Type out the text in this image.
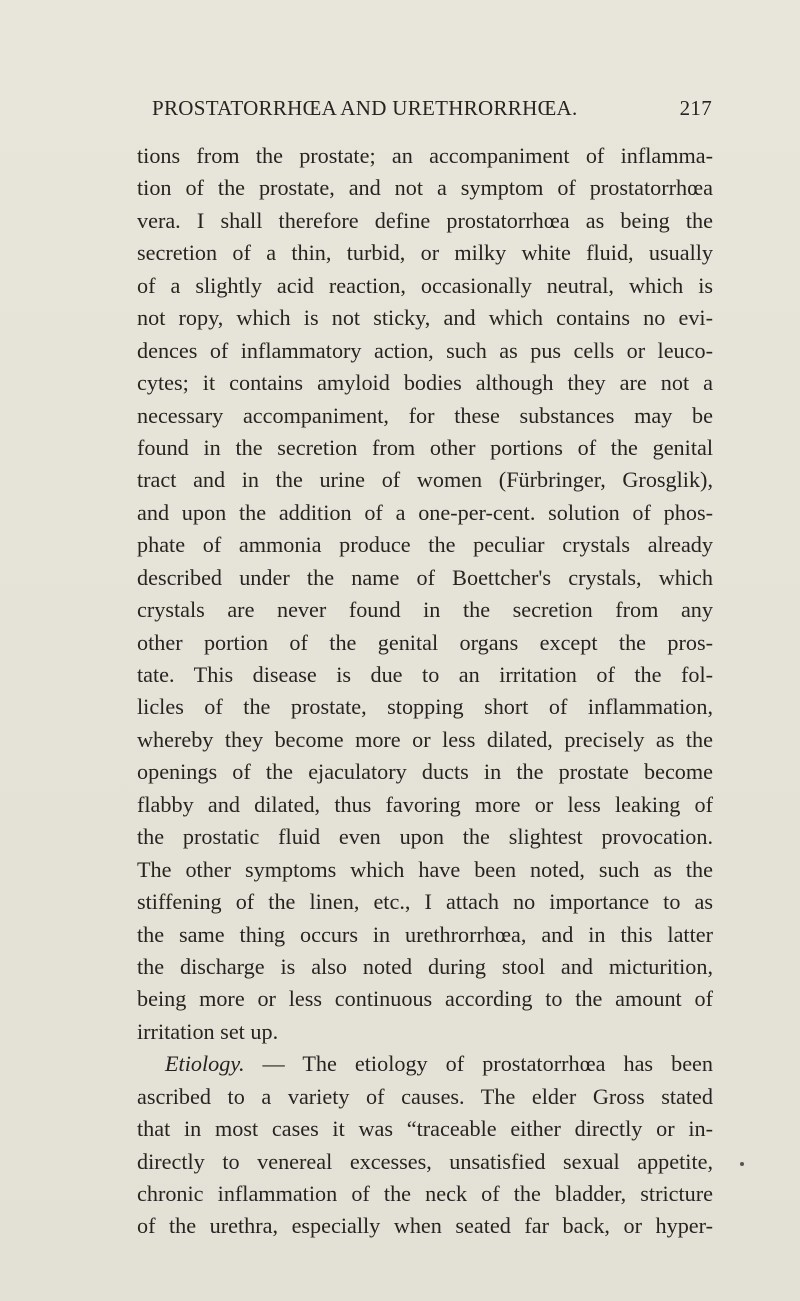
PROSTATORRHŒA AND URETHRORRHŒA.	217
tions from the prostate; an accompaniment of inflamma-
tion of the prostate, and not a symptom of prostatorrhœa
vera. I shall therefore define prostatorrhœa as being the
secretion of a thin, turbid, or milky white fluid, usually
of a slightly acid reaction, occasionally neutral, which is
not ropy, which is not sticky, and which contains no evi-
dences of inflammatory action, such as pus cells or leuco-
cytes; it contains amyloid bodies although they are not a
necessary accompaniment, for these substances may be
found in the secretion from other portions of the genital
tract and in the urine of women (Fürbringer, Grosglik),
and upon the addition of a one-per-cent. solution of phos-
phate of ammonia produce the peculiar crystals already
described under the name of Boettcher's crystals, which
crystals are never found in the secretion from any
other portion of the genital organs except the pros-
tate. This disease is due to an irritation of the fol-
licles of the prostate, stopping short of inflammation,
whereby they become more or less dilated, precisely as the
openings of the ejaculatory ducts in the prostate become
flabby and dilated, thus favoring more or less leaking of
the prostatic fluid even upon the slightest provocation.
The other symptoms which have been noted, such as the
stiffening of the linen, etc., I attach no importance to as
the same thing occurs in urethrorrhœa, and in this latter
the discharge is also noted during stool and micturition,
being more or less continuous according to the amount of
irritation set up.
Etiology. — The etiology of prostatorrhœa has been
ascribed to a variety of causes. The elder Gross stated
that in most cases it was “traceable either directly or in-
directly to venereal excesses, unsatisfied sexual appetite,
chronic inflammation of the neck of the bladder, stricture
of the urethra, especially when seated far back, or hyper-
